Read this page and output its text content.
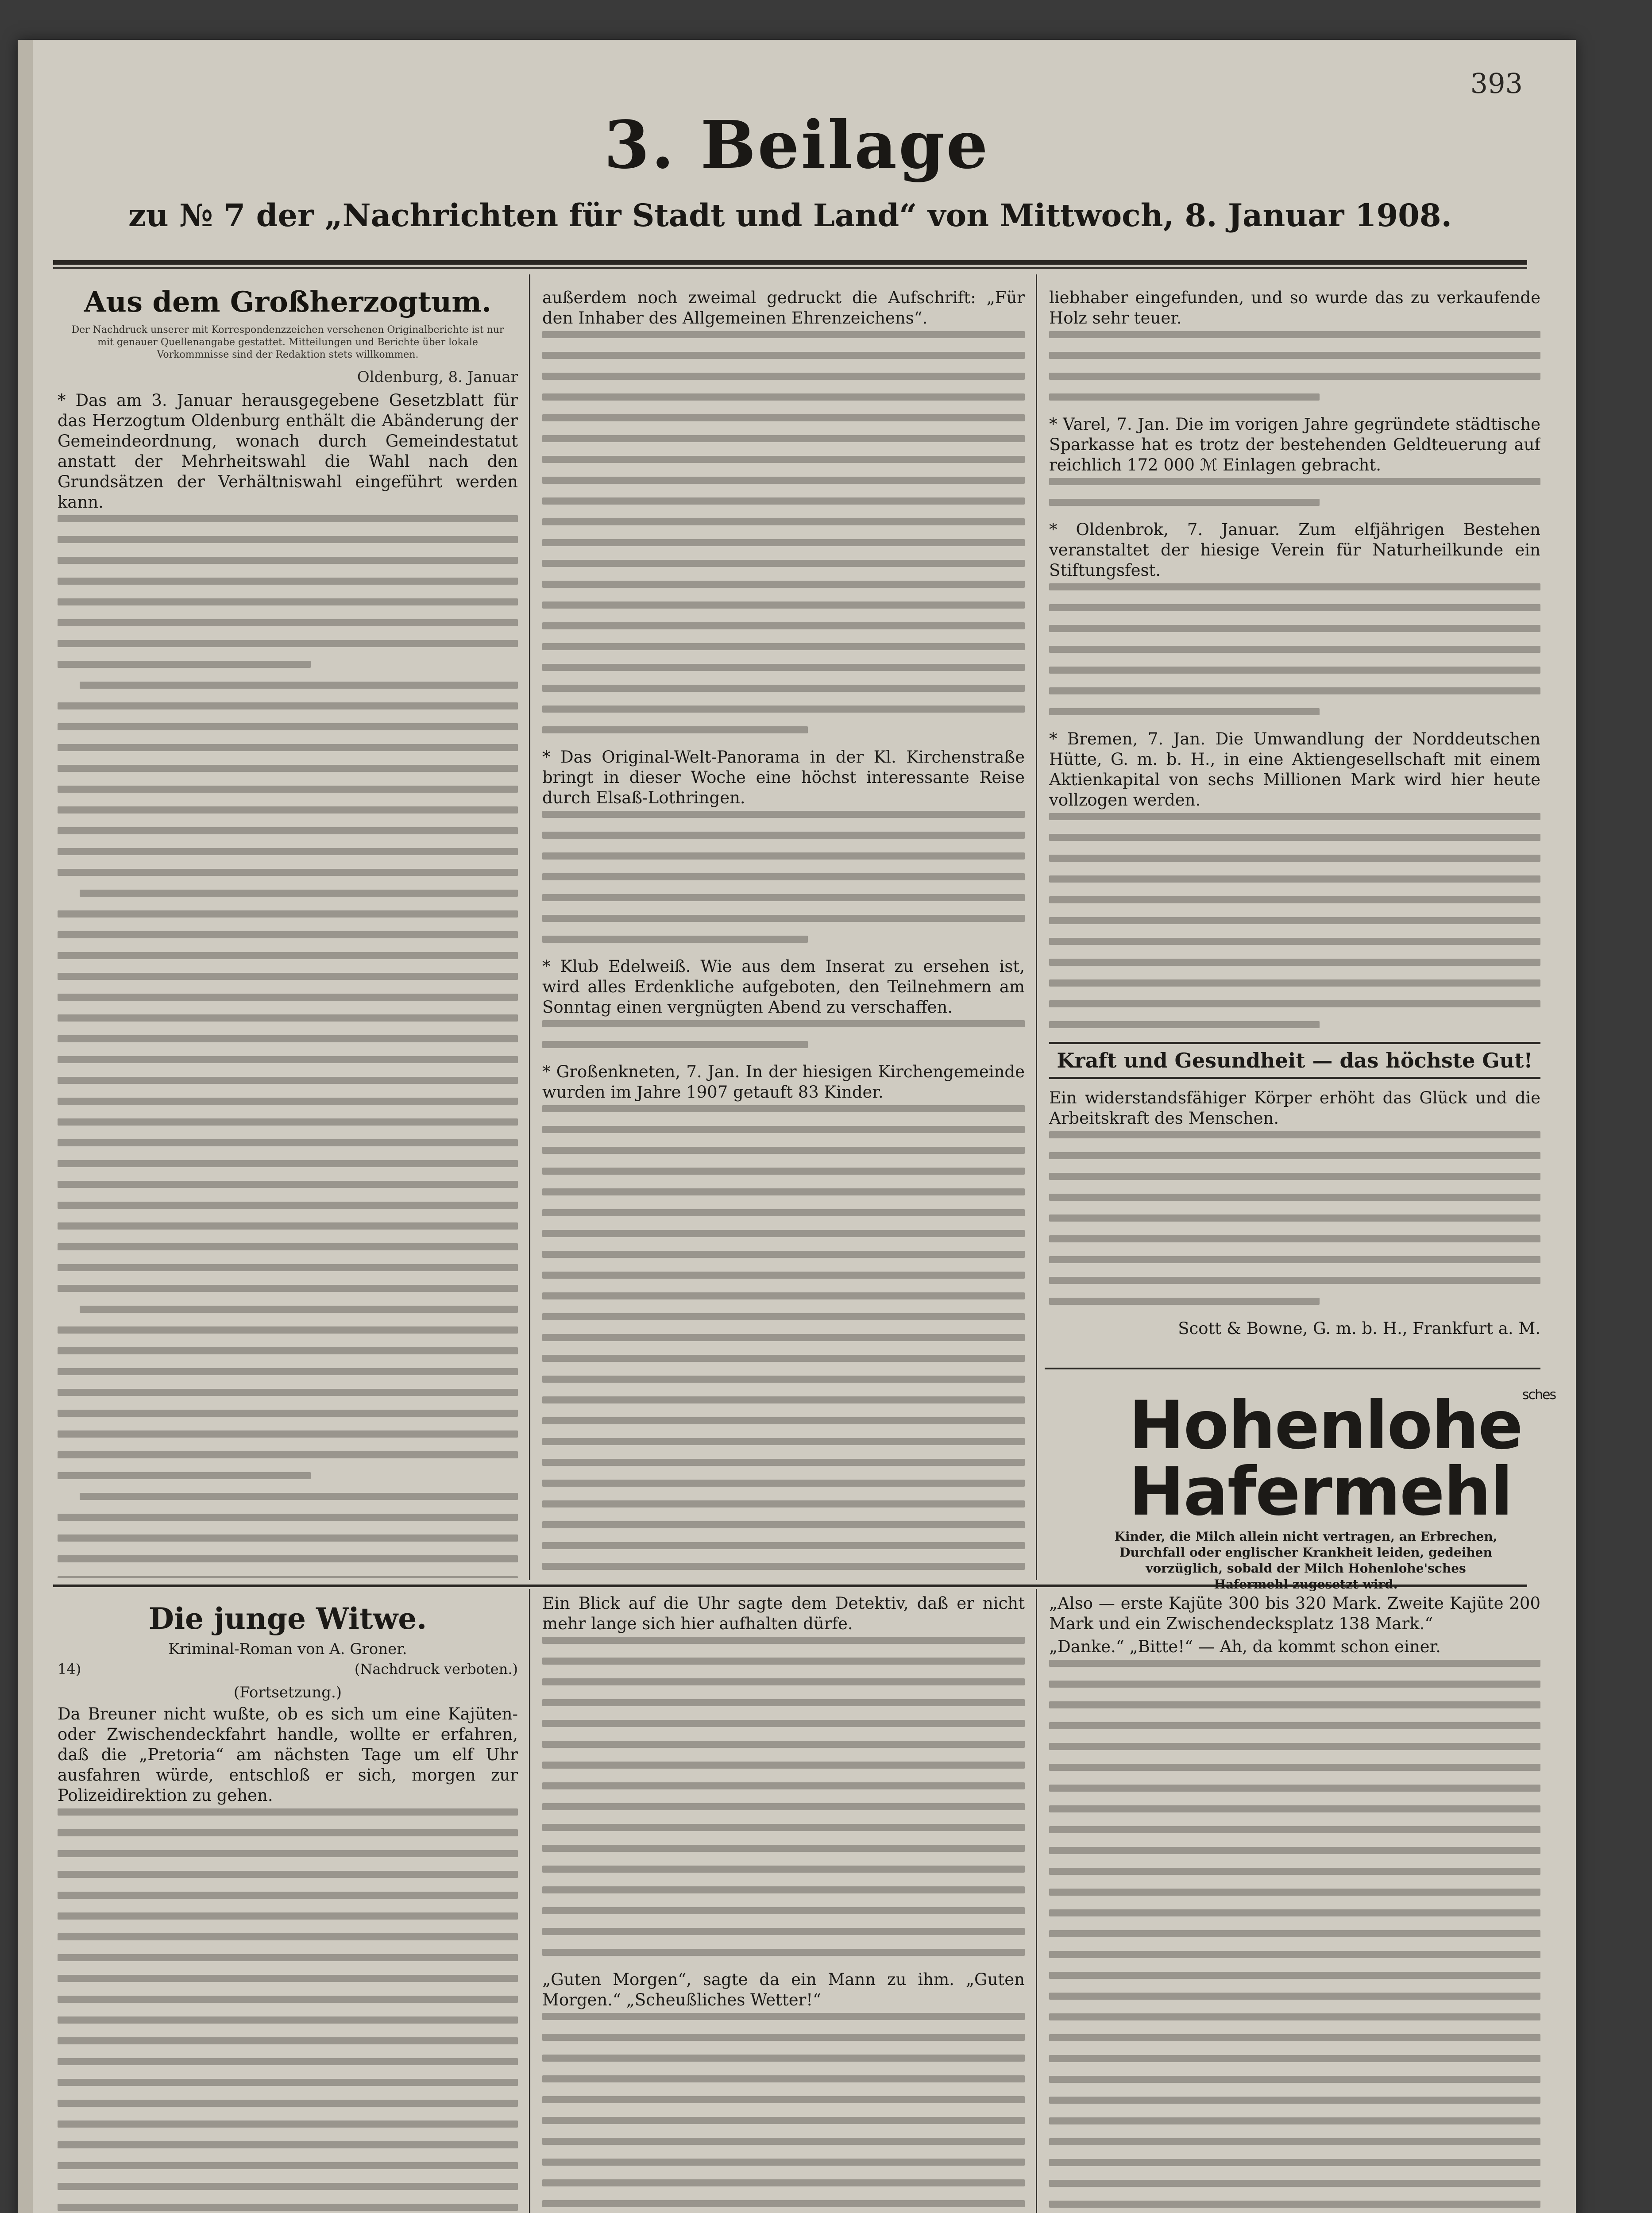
393
3. Beilage
zu № 7 der „Nachrichten für Stadt und Land“ von Mittwoch, 8. Januar 1908.
Aus dem Großherzogtum.
Der Nachdruck unserer mit Korrespondenzzeichen versehenen Originalberichte ist nur mit genauer Quellenangabe gestattet. Mitteilungen und Berichte über lokale Vorkommnisse sind der Redaktion stets willkommen.
Oldenburg, 8. Januar

* Das am 3. Januar herausgegebene Gesetzblatt für das Herzogtum Oldenburg enthält die Abänderung der Gemeindeordnung, wonach durch Gemeindestatut anstatt der Mehrheitswahl die Wahl nach den Grundsätzen der Verhältniswahl eingeführt werden kann.

außerdem noch zweimal gedruckt die Aufschrift: „Für den Inhaber des Allgemeinen Ehrenzeichens“.

* Das Original-Welt-Panorama in der Kl. Kirchenstraße bringt in dieser Woche eine höchst interessante Reise durch Elsaß-Lothringen.

* Klub Edelweiß. Wie aus dem Inserat zu ersehen ist, wird alles Erdenkliche aufgeboten, den Teilnehmern am Sonntag einen vergnügten Abend zu verschaffen.

* Großenkneten, 7. Jan. In der hiesigen Kirchengemeinde wurden im Jahre 1907 getauft 83 Kinder.

liebhaber eingefunden, und so wurde das zu verkaufende Holz sehr teuer.

* Varel, 7. Jan. Die im vorigen Jahre gegründete städtische Sparkasse hat es trotz der bestehenden Geldteuerung auf reichlich 172 000 ℳ Einlagen gebracht.

* Oldenbrok, 7. Januar. Zum elfjährigen Bestehen veranstaltet der hiesige Verein für Naturheilkunde ein Stiftungsfest.

* Bremen, 7. Jan. Die Umwandlung der Norddeutschen Hütte, G. m. b. H., in eine Aktiengesellschaft mit einem Aktienkapital von sechs Millionen Mark wird hier heute vollzogen werden.

Kraft und Gesundheit — das höchste Gut!

Ein widerstandsfähiger Körper erhöht das Glück und die Arbeitskraft des Menschen.

Scott & Bowne, G. m. b. H., Frankfurt a. M.

Hohenlohe$^{sches}$
Hafermehl
Kinder, die Milch allein nicht vertragen, an Erbrechen, Durchfall oder englischer Krankheit leiden, gedeihen vorzüglich, sobald der Milch Hohenlohe'sches Hafermehl zugesetzt wird.
Die junge Witwe.
Kriminal-Roman von A. Groner.
14)	(Nachdruck verboten.)
(Fortsetzung.)

Da Breuner nicht wußte, ob es sich um eine Kajüten- oder Zwischendeckfahrt handle, wollte er erfahren, daß die „Pretoria“ am nächsten Tage um elf Uhr ausfahren würde, entschloß er sich, morgen zur Polizeidirektion zu gehen.

Ein Blick auf die Uhr sagte dem Detektiv, daß er nicht mehr lange sich hier aufhalten dürfe.

„Guten Morgen“, sagte da ein Mann zu ihm. „Guten Morgen.“ „Scheußliches Wetter!“

„Also — erste Kajüte 300 bis 320 Mark. Zweite Kajüte 200 Mark und ein Zwischendecksplatz 138 Mark.“

„Danke.“ „Bitte!“ — Ah, da kommt schon einer.
